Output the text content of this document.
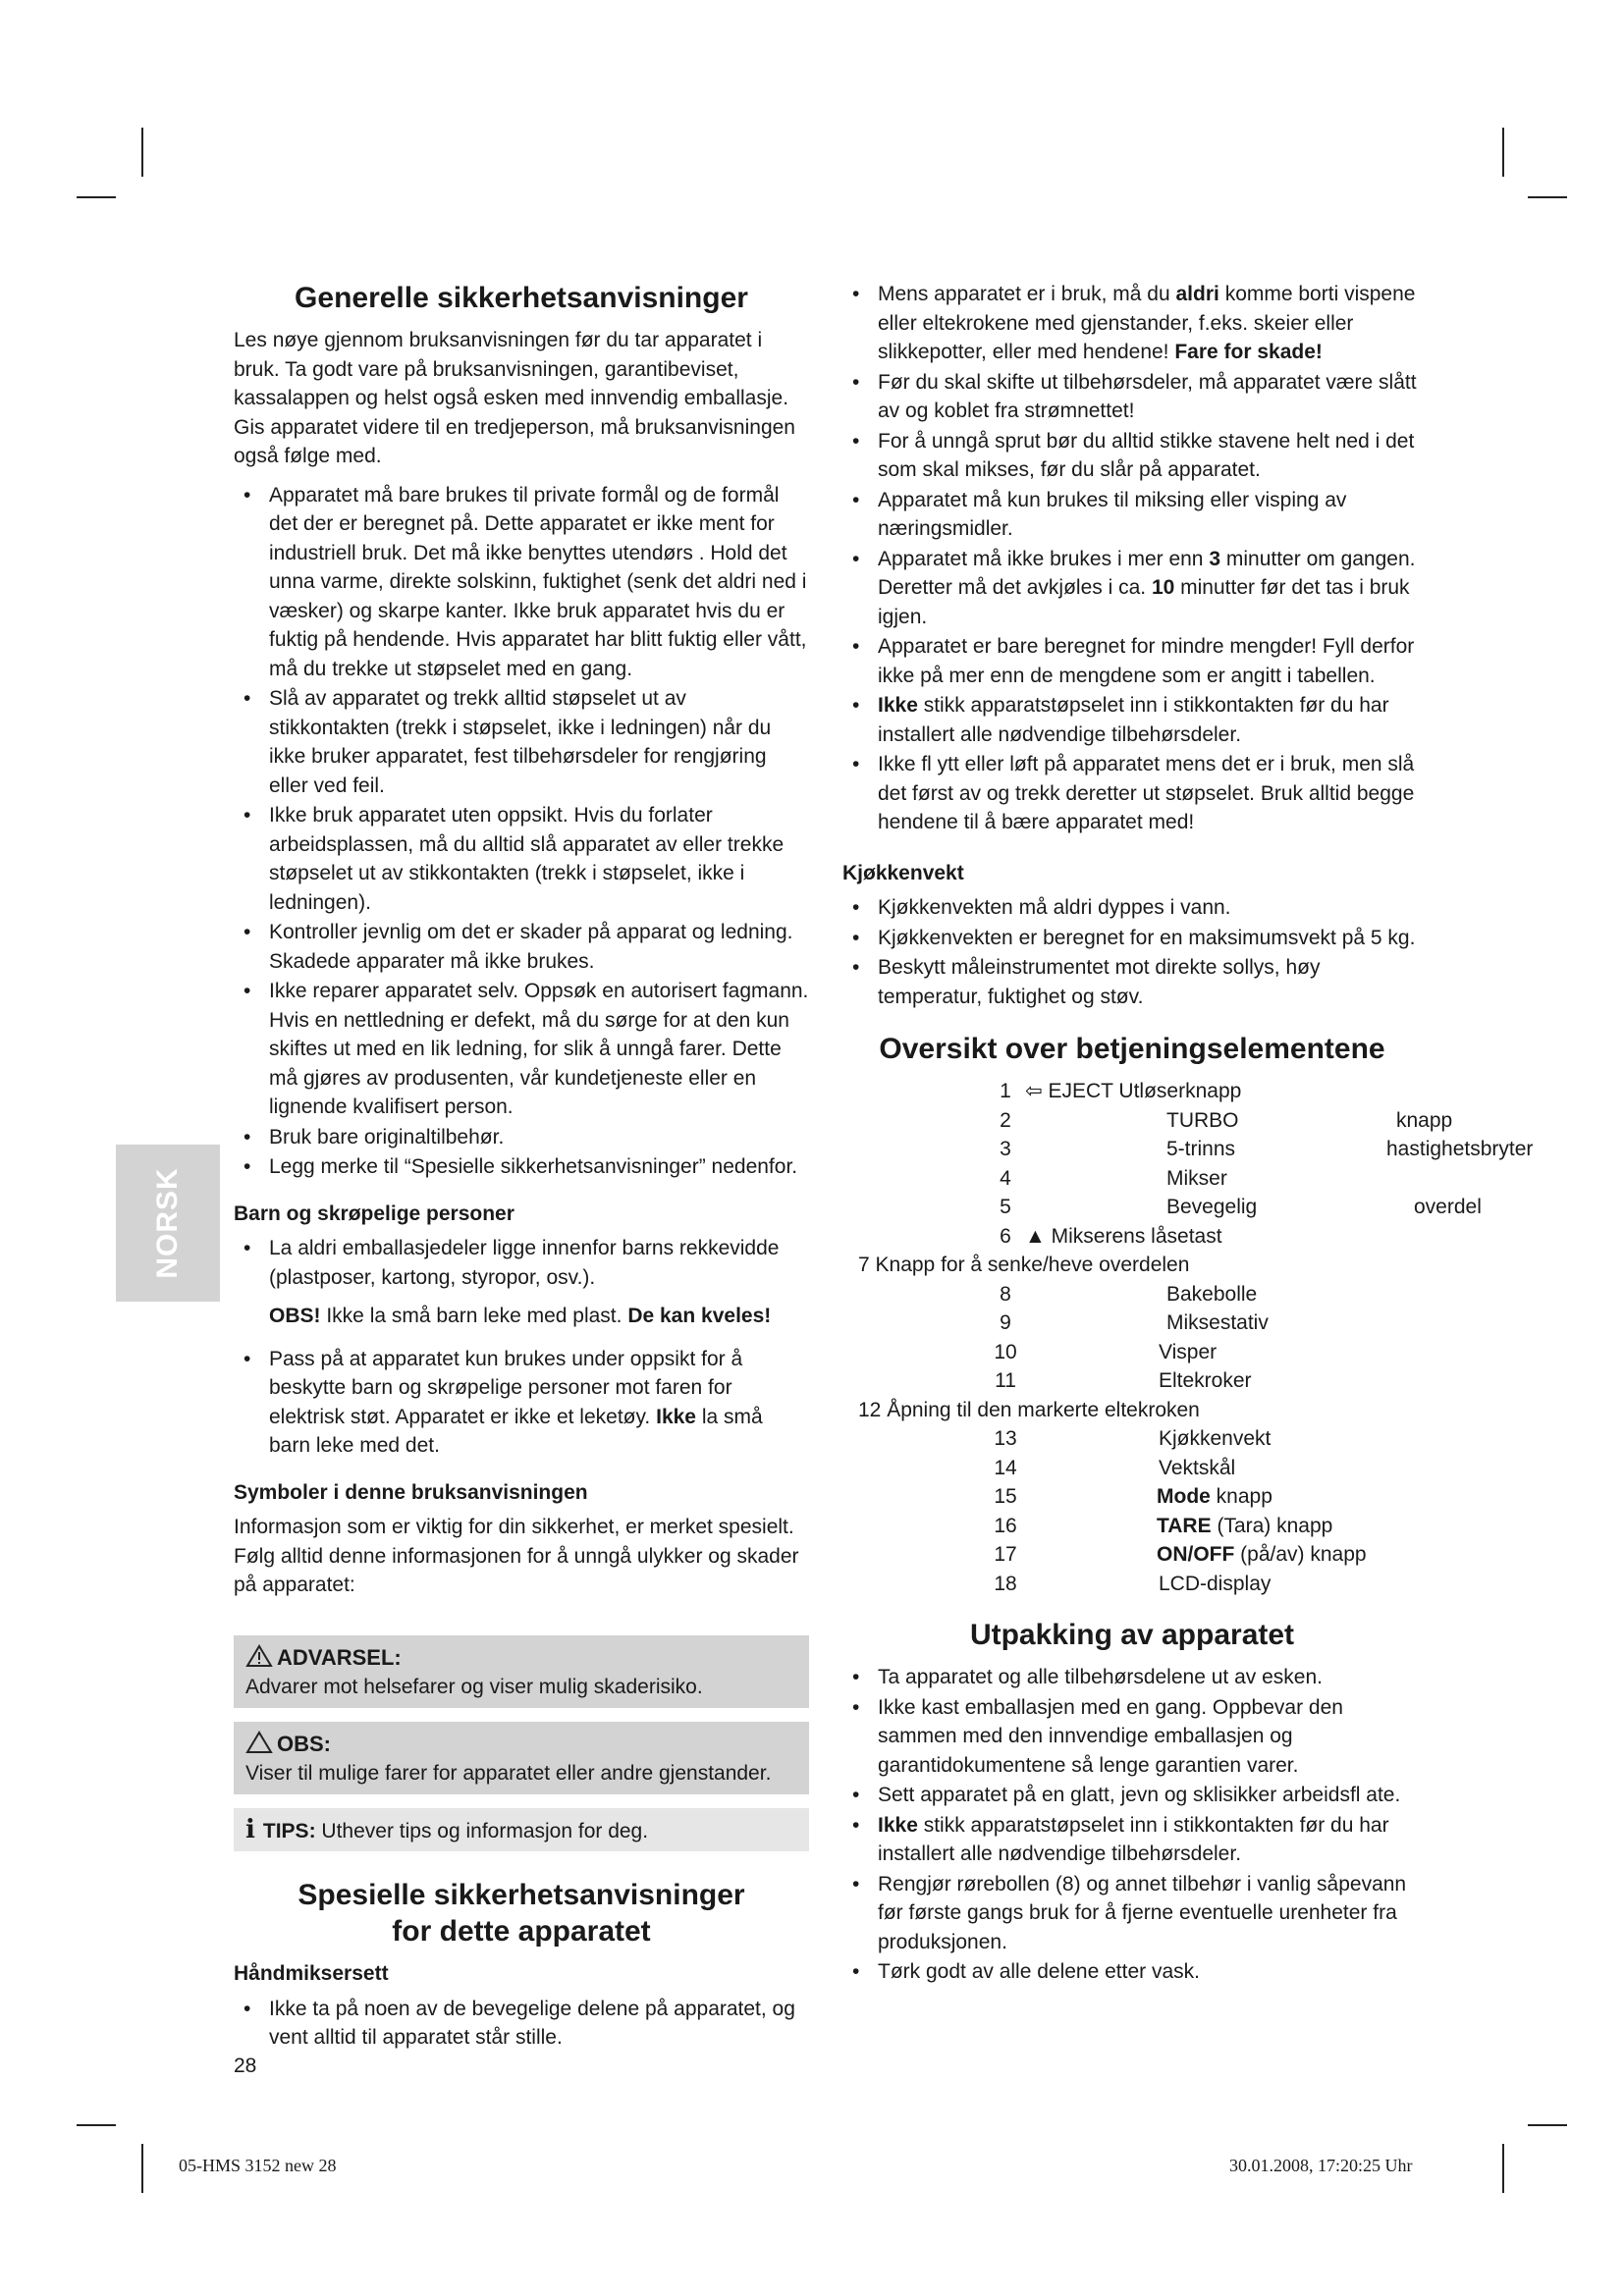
NORSK
Generelle sikkerhetsanvisninger

Les nøye gjennom bruksanvisningen før du tar apparatet i bruk. Ta godt vare på bruksanvisningen, garantibeviset, kassalappen og helst også esken med innvendig emballasje. Gis apparatet videre til en tredjeperson, må bruksanvisningen også følge med.

• Apparatet må bare brukes til private formål og de formål det der er beregnet på. Dette apparatet er ikke ment for industriell bruk. Det må ikke benyttes utendørs . Hold det unna varme, direkte solskinn, fuktighet (senk det aldri ned i væsker) og skarpe kanter. Ikke bruk apparatet hvis du er fuktig på hendende. Hvis apparatet har blitt fuktig eller vått, må du trekke ut støpselet med en gang.
• Slå av apparatet og trekk alltid støpselet ut av stikkontakten (trekk i støpselet, ikke i ledningen) når du ikke bruker apparatet, fest tilbehørsdeler for rengjøring eller ved feil.
• Ikke bruk apparatet uten oppsikt. Hvis du forlater arbeidsplassen, må du alltid slå apparatet av eller trekke støpselet ut av stikkontakten (trekk i støpselet, ikke i ledningen).
• Kontroller jevnlig om det er skader på apparat og ledning. Skadede apparater må ikke brukes.
• Ikke reparer apparatet selv. Oppsøk en autorisert fagmann. Hvis en nettledning er defekt, må du sørge for at den kun skiftes ut med en lik ledning, for slik å unngå farer. Dette må gjøres av produsenten, vår kundetjeneste eller en lignende kvalifisert person.
• Bruk bare originaltilbehør.
• Legg merke til “Spesielle sikkerhetsanvisninger” nedenfor.
Barn og skrøpelige personer
• La aldri emballasjedeler ligge innenfor barns rekkevidde (plastposer, kartong, styropor, osv.).
OBS! Ikke la små barn leke med plast. De kan kveles!
• Pass på at apparatet kun brukes under oppsikt for å beskytte barn og skrøpelige personer mot faren for elektrisk støt. Apparatet er ikke et leketøy. Ikke la små barn leke med det.
Symboler i denne bruksanvisningen

Informasjon som er viktig for din sikkerhet, er merket spesielt. Følg alltid denne informasjonen for å unngå ulykker og skader på apparatet:

ADVARSEL:
Advarer mot helsefarer og viser mulig skaderisiko.
OBS:
Viser til mulige farer for apparatet eller andre gjenstander.
i TIPS: Uthever tips og informasjon for deg.
Spesielle sikkerhetsanvisninger
for dette apparatet
Håndmiksersett
• Ikke ta på noen av de bevegelige delene på apparatet, og vent alltid til apparatet står stille.
• Mens apparatet er i bruk, må du aldri komme borti vispene eller eltekrokene med gjenstander, f.eks. skeier eller slikkepotter, eller med hendene! Fare for skade!
• Før du skal skifte ut tilbehørsdeler, må apparatet være slått av og koblet fra strømnettet!
• For å unngå sprut bør du alltid stikke stavene helt ned i det som skal mikses, før du slår på apparatet.
• Apparatet må kun brukes til miksing eller visping av næringsmidler.
• Apparatet må ikke brukes i mer enn 3 minutter om gangen. Deretter må det avkjøles i ca. 10 minutter før det tas i bruk igjen.
• Apparatet er bare beregnet for mindre mengder! Fyll derfor ikke på mer enn de mengdene som er angitt i tabellen.
• Ikke stikk apparatstøpselet inn i stikkontakten før du har installert alle nødvendige tilbehørsdeler.
• Ikke fl ytt eller løft på apparatet mens det er i bruk, men slå det først av og trekk deretter ut støpselet. Bruk alltid begge hendene til å bære apparatet med!
Kjøkkenvekt
• Kjøkkenvekten må aldri dyppes i vann.
• Kjøkkenvekten er beregnet for en maksimumsvekt på 5 kg.
• Beskytt måleinstrumentet mot direkte sollys, høy temperatur, fuktighet og støv.
Oversikt over betjeningselementene
1 ⇦ EJECT Utløserknapp
2	TURBO	knapp
3	5-trinns	hastighetsbryter
4	Mikser
5	Bevegelig	overdel
6 ▲ Mikserens låsetast
7 Knapp for å senke/heve overdelen
8	Bakebolle
9	Miksestativ
10	Visper
11	Eltekroker
12 Åpning til den markerte eltekroken
13	Kjøkkenvekt
14	Vektskål
15	Mode knapp
16	TARE (Tara) knapp
17	ON/OFF (på/av) knapp
18	LCD-display
Utpakking av apparatet
• Ta apparatet og alle tilbehørsdelene ut av esken.
• Ikke kast emballasjen med en gang. Oppbevar den sammen med den innvendige emballasjen og garantidokumentene så lenge garantien varer.
• Sett apparatet på en glatt, jevn og sklisikker arbeidsfl ate.
• Ikke stikk apparatstøpselet inn i stikkontakten før du har installert alle nødvendige tilbehørsdeler.
• Rengjør rørebollen (8) og annet tilbehør i vanlig såpevann før første gangs bruk for å fjerne eventuelle urenheter fra produksjonen.
• Tørk godt av alle delene etter vask.
28
05-HMS 3152 new 28	30.01.2008, 17:20:25 Uhr
